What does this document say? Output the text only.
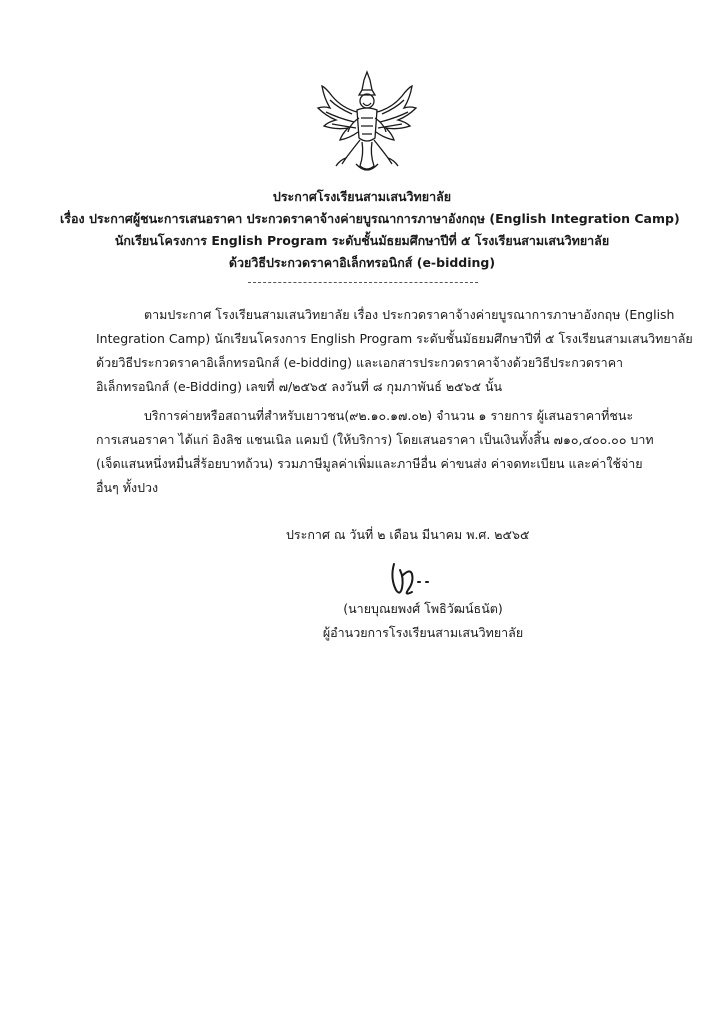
ประกาศโรงเรียนสามเสนวิทยาลัย
เรื่อง ประกาศผู้ชนะการเสนอราคา ประกวดราคาจ้างค่ายบูรณาการภาษาอังกฤษ (English Integration Camp)
นักเรียนโครงการ English Program ระดับชั้นมัธยมศึกษาปีที่ ๕ โรงเรียนสามเสนวิทยาลัย
ด้วยวิธีประกวดราคาอิเล็กทรอนิกส์ (e-bidding)
ตามประกาศ โรงเรียนสามเสนวิทยาลัย เรื่อง ประกวดราคาจ้างค่ายบูรณาการภาษาอังกฤษ (English
Integration Camp) นักเรียนโครงการ English Program ระดับชั้นมัธยมศึกษาปีที่ ๕ โรงเรียนสามเสนวิทยาลัย
ด้วยวิธีประกวดราคาอิเล็กทรอนิกส์ (e-bidding) และเอกสารประกวดราคาจ้างด้วยวิธีประกวดราคา
อิเล็กทรอนิกส์ (e-Bidding) เลขที่ ๗/๒๕๖๕ ลงวันที่ ๘ กุมภาพันธ์ ๒๕๖๕ นั้น
บริการค่ายหรือสถานที่สำหรับเยาวชน(๙๒.๑๐.๑๗.๐๒) จำนวน ๑ รายการ ผู้เสนอราคาที่ชนะ
การเสนอราคา ได้แก่ อิงลิช แชนเนิล แคมป์ (ให้บริการ) โดยเสนอราคา เป็นเงินทั้งสิ้น ๗๑๐,๔๐๐.๐๐ บาท
(เจ็ดแสนหนึ่งหมื่นสี่ร้อยบาทถ้วน) รวมภาษีมูลค่าเพิ่มและภาษีอื่น ค่าขนส่ง ค่าจดทะเบียน และค่าใช้จ่าย
อื่นๆ ทั้งปวง
ประกาศ ณ วันที่ ๒ เดือน มีนาคม พ.ศ. ๒๕๖๕
(นายบุณยพงศ์ โพธิวัฒน์ธนัต)
ผู้อำนวยการโรงเรียนสามเสนวิทยาลัย
